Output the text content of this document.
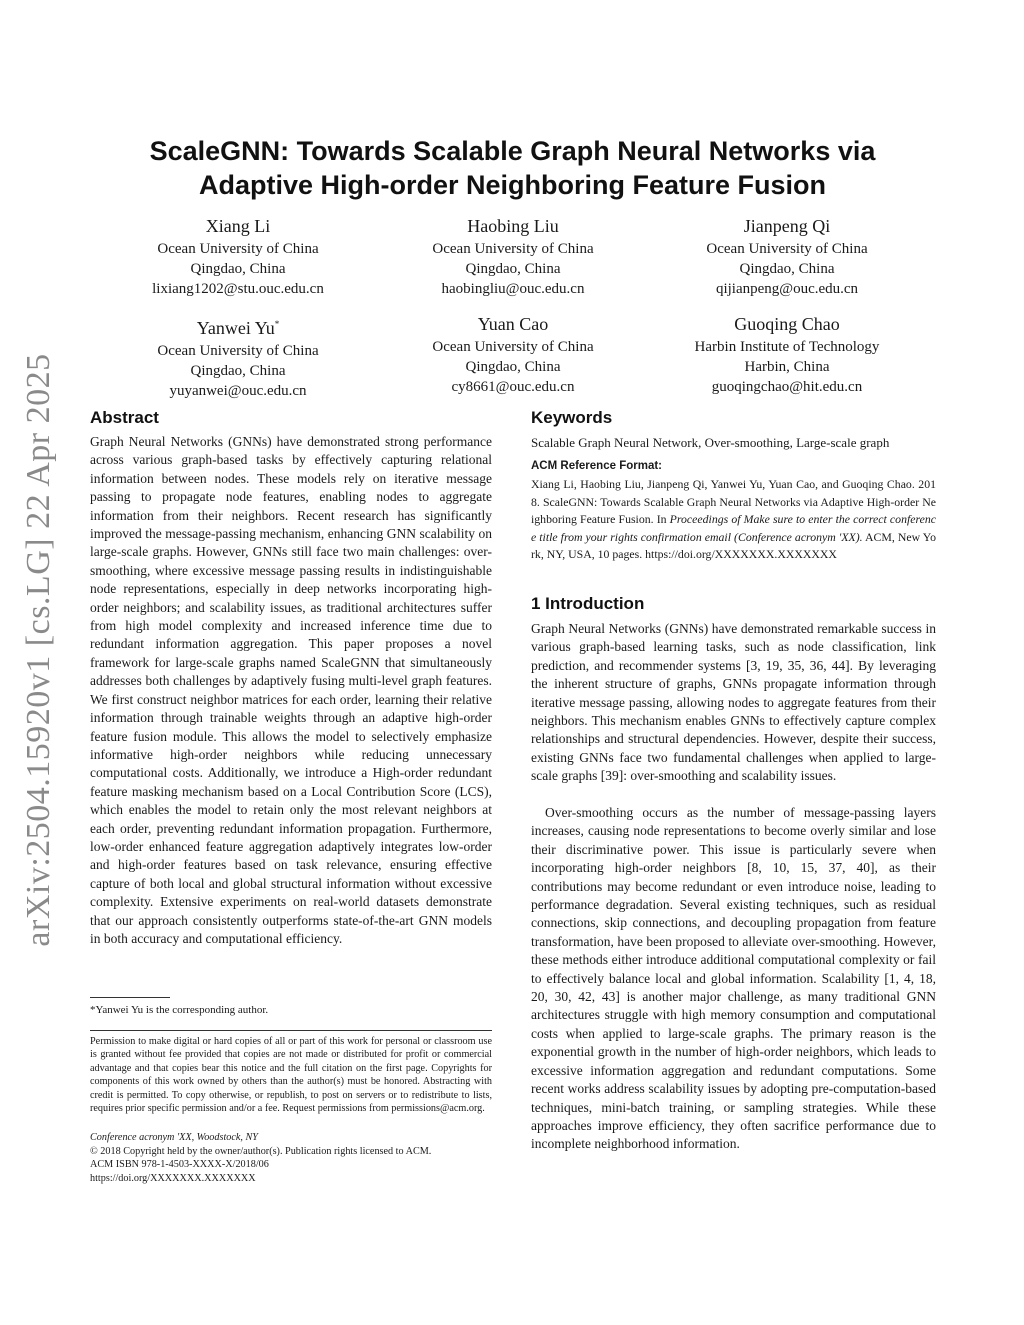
arXiv:2504.15920v1 [cs.LG] 22 Apr 2025
ScaleGNN: Towards Scalable Graph Neural Networks via
Adaptive High-order Neighboring Feature Fusion
Xiang Li
Ocean University of China
Qingdao, China
lixiang1202@stu.ouc.edu.cn
Haobing Liu
Ocean University of China
Qingdao, China
haobingliu@ouc.edu.cn
Jianpeng Qi
Ocean University of China
Qingdao, China
qijianpeng@ouc.edu.cn
Yanwei Yu*
Ocean University of China
Qingdao, China
yuyanwei@ouc.edu.cn
Yuan Cao
Ocean University of China
Qingdao, China
cy8661@ouc.edu.cn
Guoqing Chao
Harbin Institute of Technology
Harbin, China
guoqingchao@hit.edu.cn
Abstract

Graph Neural Networks (GNNs) have demonstrated strong performance across various graph-based tasks by effectively capturing relational information between nodes. These models rely on iterative message passing to propagate node features, enabling nodes to aggregate information from their neighbors. Recent research has significantly improved the message-passing mechanism, enhancing GNN scalability on large-scale graphs. However, GNNs still face two main challenges: over-smoothing, where excessive message passing results in indistinguishable node representations, especially in deep networks incorporating high-order neighbors; and scalability issues, as traditional architectures suffer from high model complexity and increased inference time due to redundant information aggregation. This paper proposes a novel framework for large-scale graphs named ScaleGNN that simultaneously addresses both challenges by adaptively fusing multi-level graph features. We first construct neighbor matrices for each order, learning their relative information through trainable weights through an adaptive high-order feature fusion module. This allows the model to selectively emphasize informative high-order neighbors while reducing unnecessary computational costs. Additionally, we introduce a High-order redundant feature masking mechanism based on a Local Contribution Score (LCS), which enables the model to retain only the most relevant neighbors at each order, preventing redundant information propagation. Furthermore, low-order enhanced feature aggregation adaptively integrates low-order and high-order features based on task relevance, ensuring effective capture of both local and global structural information without excessive complexity. Extensive experiments on real-world datasets demonstrate that our approach consistently outperforms state-of-the-art GNN models in both accuracy and computational efficiency.

*Yanwei Yu is the corresponding author.

Permission to make digital or hard copies of all or part of this work for personal or classroom use is granted without fee provided that copies are not made or distributed for profit or commercial advantage and that copies bear this notice and the full citation on the first page. Copyrights for components of this work owned by others than the author(s) must be honored. Abstracting with credit is permitted. To copy otherwise, or republish, to post on servers or to redistribute to lists, requires prior specific permission and/or a fee. Request permissions from permissions@acm.org.

Conference acronym 'XX, Woodstock, NY
© 2018 Copyright held by the owner/author(s). Publication rights licensed to ACM.
ACM ISBN 978-1-4503-XXXX-X/2018/06
https://doi.org/XXXXXXX.XXXXXXX
Keywords
Scalable Graph Neural Network, Over-smoothing, Large-scale graph
ACM Reference Format:

Xiang Li, Haobing Liu, Jianpeng Qi, Yanwei Yu, Yuan Cao, and Guoqing Chao. 2018. ScaleGNN: Towards Scalable Graph Neural Networks via Adaptive High-order Neighboring Feature Fusion. In Proceedings of Make sure to enter the correct conference title from your rights confirmation email (Conference acronym 'XX). ACM, New York, NY, USA, 10 pages. https://doi.org/XXXXXXX.XXXXXXX

1 Introduction

Graph Neural Networks (GNNs) have demonstrated remarkable success in various graph-based learning tasks, such as node classification, link prediction, and recommender systems [3, 19, 35, 36, 44]. By leveraging the inherent structure of graphs, GNNs propagate information through iterative message passing, allowing nodes to aggregate features from their neighbors. This mechanism enables GNNs to effectively capture complex relationships and structural dependencies. However, despite their success, existing GNNs face two fundamental challenges when applied to large-scale graphs [39]: over-smoothing and scalability issues.

Over-smoothing occurs as the number of message-passing layers increases, causing node representations to become overly similar and lose their discriminative power. This issue is particularly severe when incorporating high-order neighbors [8, 10, 15, 37, 40], as their contributions may become redundant or even introduce noise, leading to performance degradation. Several existing techniques, such as residual connections, skip connections, and decoupling propagation from feature transformation, have been proposed to alleviate over-smoothing. However, these methods either introduce additional computational complexity or fail to effectively balance local and global information. Scalability [1, 4, 18, 20, 30, 42, 43] is another major challenge, as many traditional GNN architectures struggle with high memory consumption and computational costs when applied to large-scale graphs. The primary reason is the exponential growth in the number of high-order neighbors, which leads to excessive information aggregation and redundant computations. Some recent works address scalability issues by adopting pre-computation-based techniques, mini-batch training, or sampling strategies. While these approaches improve efficiency, they often sacrifice performance due to incomplete neighborhood information.
